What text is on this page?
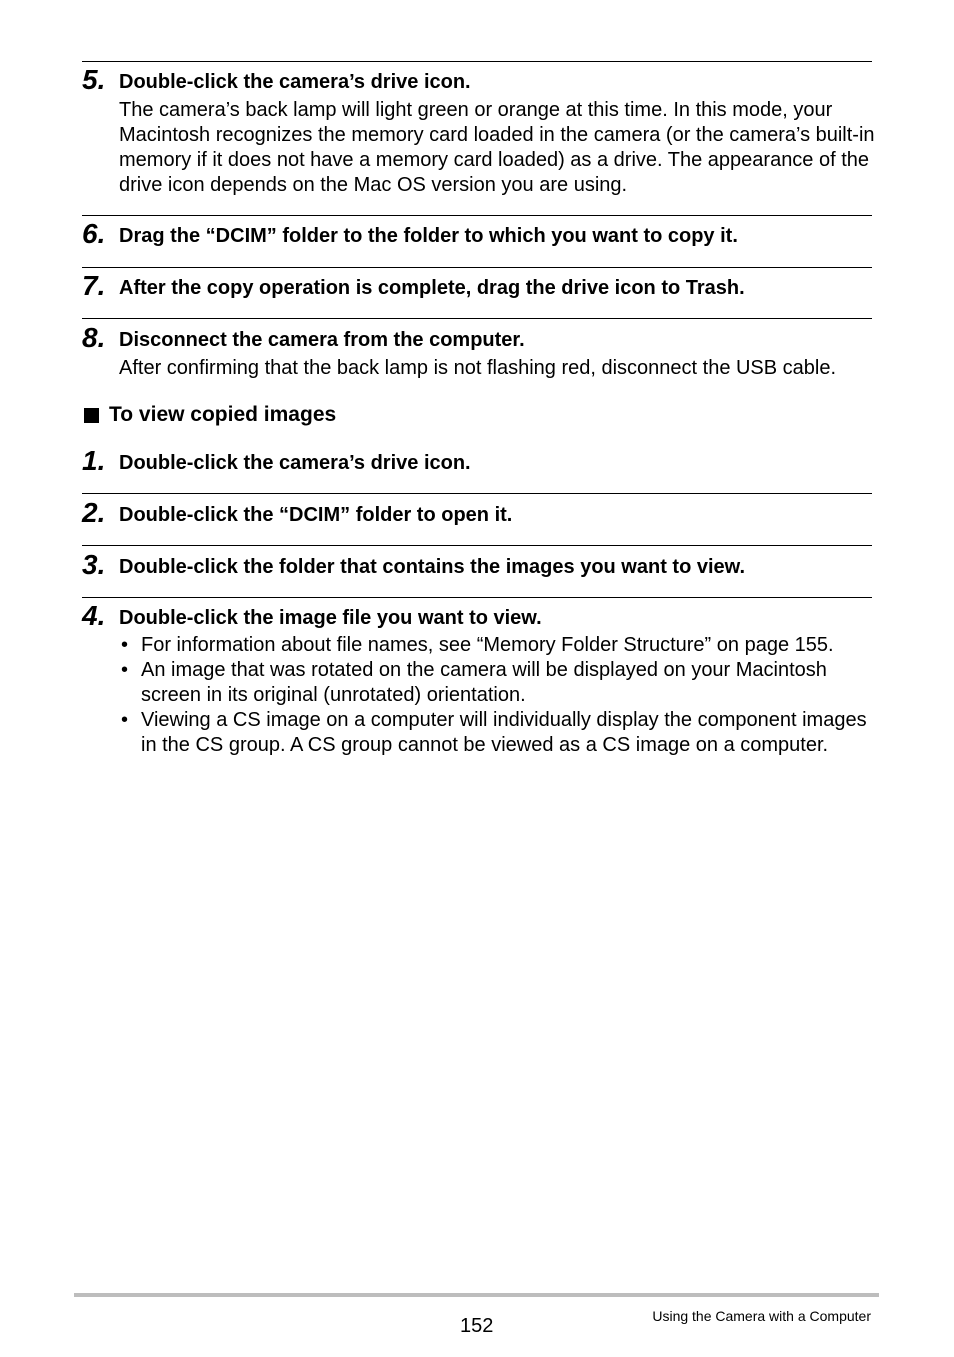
5. Double-click the camera’s drive icon.
The camera’s back lamp will light green or orange at this time. In this mode, your Macintosh recognizes the memory card loaded in the camera (or the camera’s built-in memory if it does not have a memory card loaded) as a drive. The appearance of the drive icon depends on the Mac OS version you are using.
6. Drag the “DCIM” folder to the folder to which you want to copy it.
7. After the copy operation is complete, drag the drive icon to Trash.
8. Disconnect the camera from the computer.
After confirming that the back lamp is not flashing red, disconnect the USB cable.
To view copied images
1. Double-click the camera’s drive icon.
2. Double-click the “DCIM” folder to open it.
3. Double-click the folder that contains the images you want to view.
4. Double-click the image file you want to view.
• For information about file names, see “Memory Folder Structure” on page 155.
• An image that was rotated on the camera will be displayed on your Macintosh screen in its original (unrotated) orientation.
• Viewing a CS image on a computer will individually display the component images in the CS group. A CS group cannot be viewed as a CS image on a computer.
152	Using the Camera with a Computer
